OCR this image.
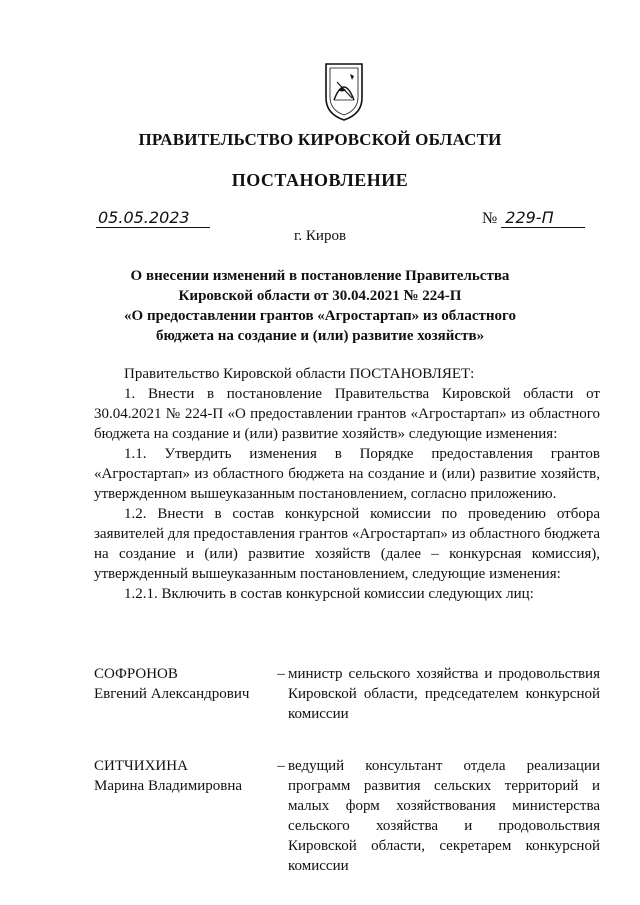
ПРАВИТЕЛЬСТВО КИРОВСКОЙ ОБЛАСТИ
ПОСТАНОВЛЕНИЕ
05.05.2023	№ 229-П
г. Киров
О внесении изменений в постановление Правительства
Кировской области от 30.04.2021 № 224-П
«О предоставлении грантов «Агростартап» из областного
бюджета на создание и (или) развитие хозяйств»

Правительство Кировской области ПОСТАНОВЛЯЕТ:

1. Внести в постановление Правительства Кировской области от 30.04.2021 № 224-П «О предоставлении грантов «Агростартап» из областного бюджета на создание и (или) развитие хозяйств» следующие изменения:

1.1. Утвердить изменения в Порядке предоставления грантов «Агростартап» из областного бюджета на создание и (или) развитие хозяйств, утвержденном вышеуказанным постановлением, согласно приложению.

1.2. Внести в состав конкурсной комиссии по проведению отбора заявителей для предоставления грантов «Агростартап» из областного бюджета на создание и (или) развитие хозяйств (далее – конкурсная комиссия), утвержденный вышеуказанным постановлением, следующие изменения:

1.2.1. Включить в состав конкурсной комиссии следующих лиц:

СОФРОНОВ
Евгений Александрович
– министр сельского хозяйства и продовольствия Кировской области, председателем конкурсной комиссии
СИТЧИХИНА
Марина Владимировна
– ведущий консультант отдела реализации программ развития сельских территорий и малых форм хозяйствования министерства сельского хозяйства и продовольствия Кировской области, секретарем конкурсной комиссии
